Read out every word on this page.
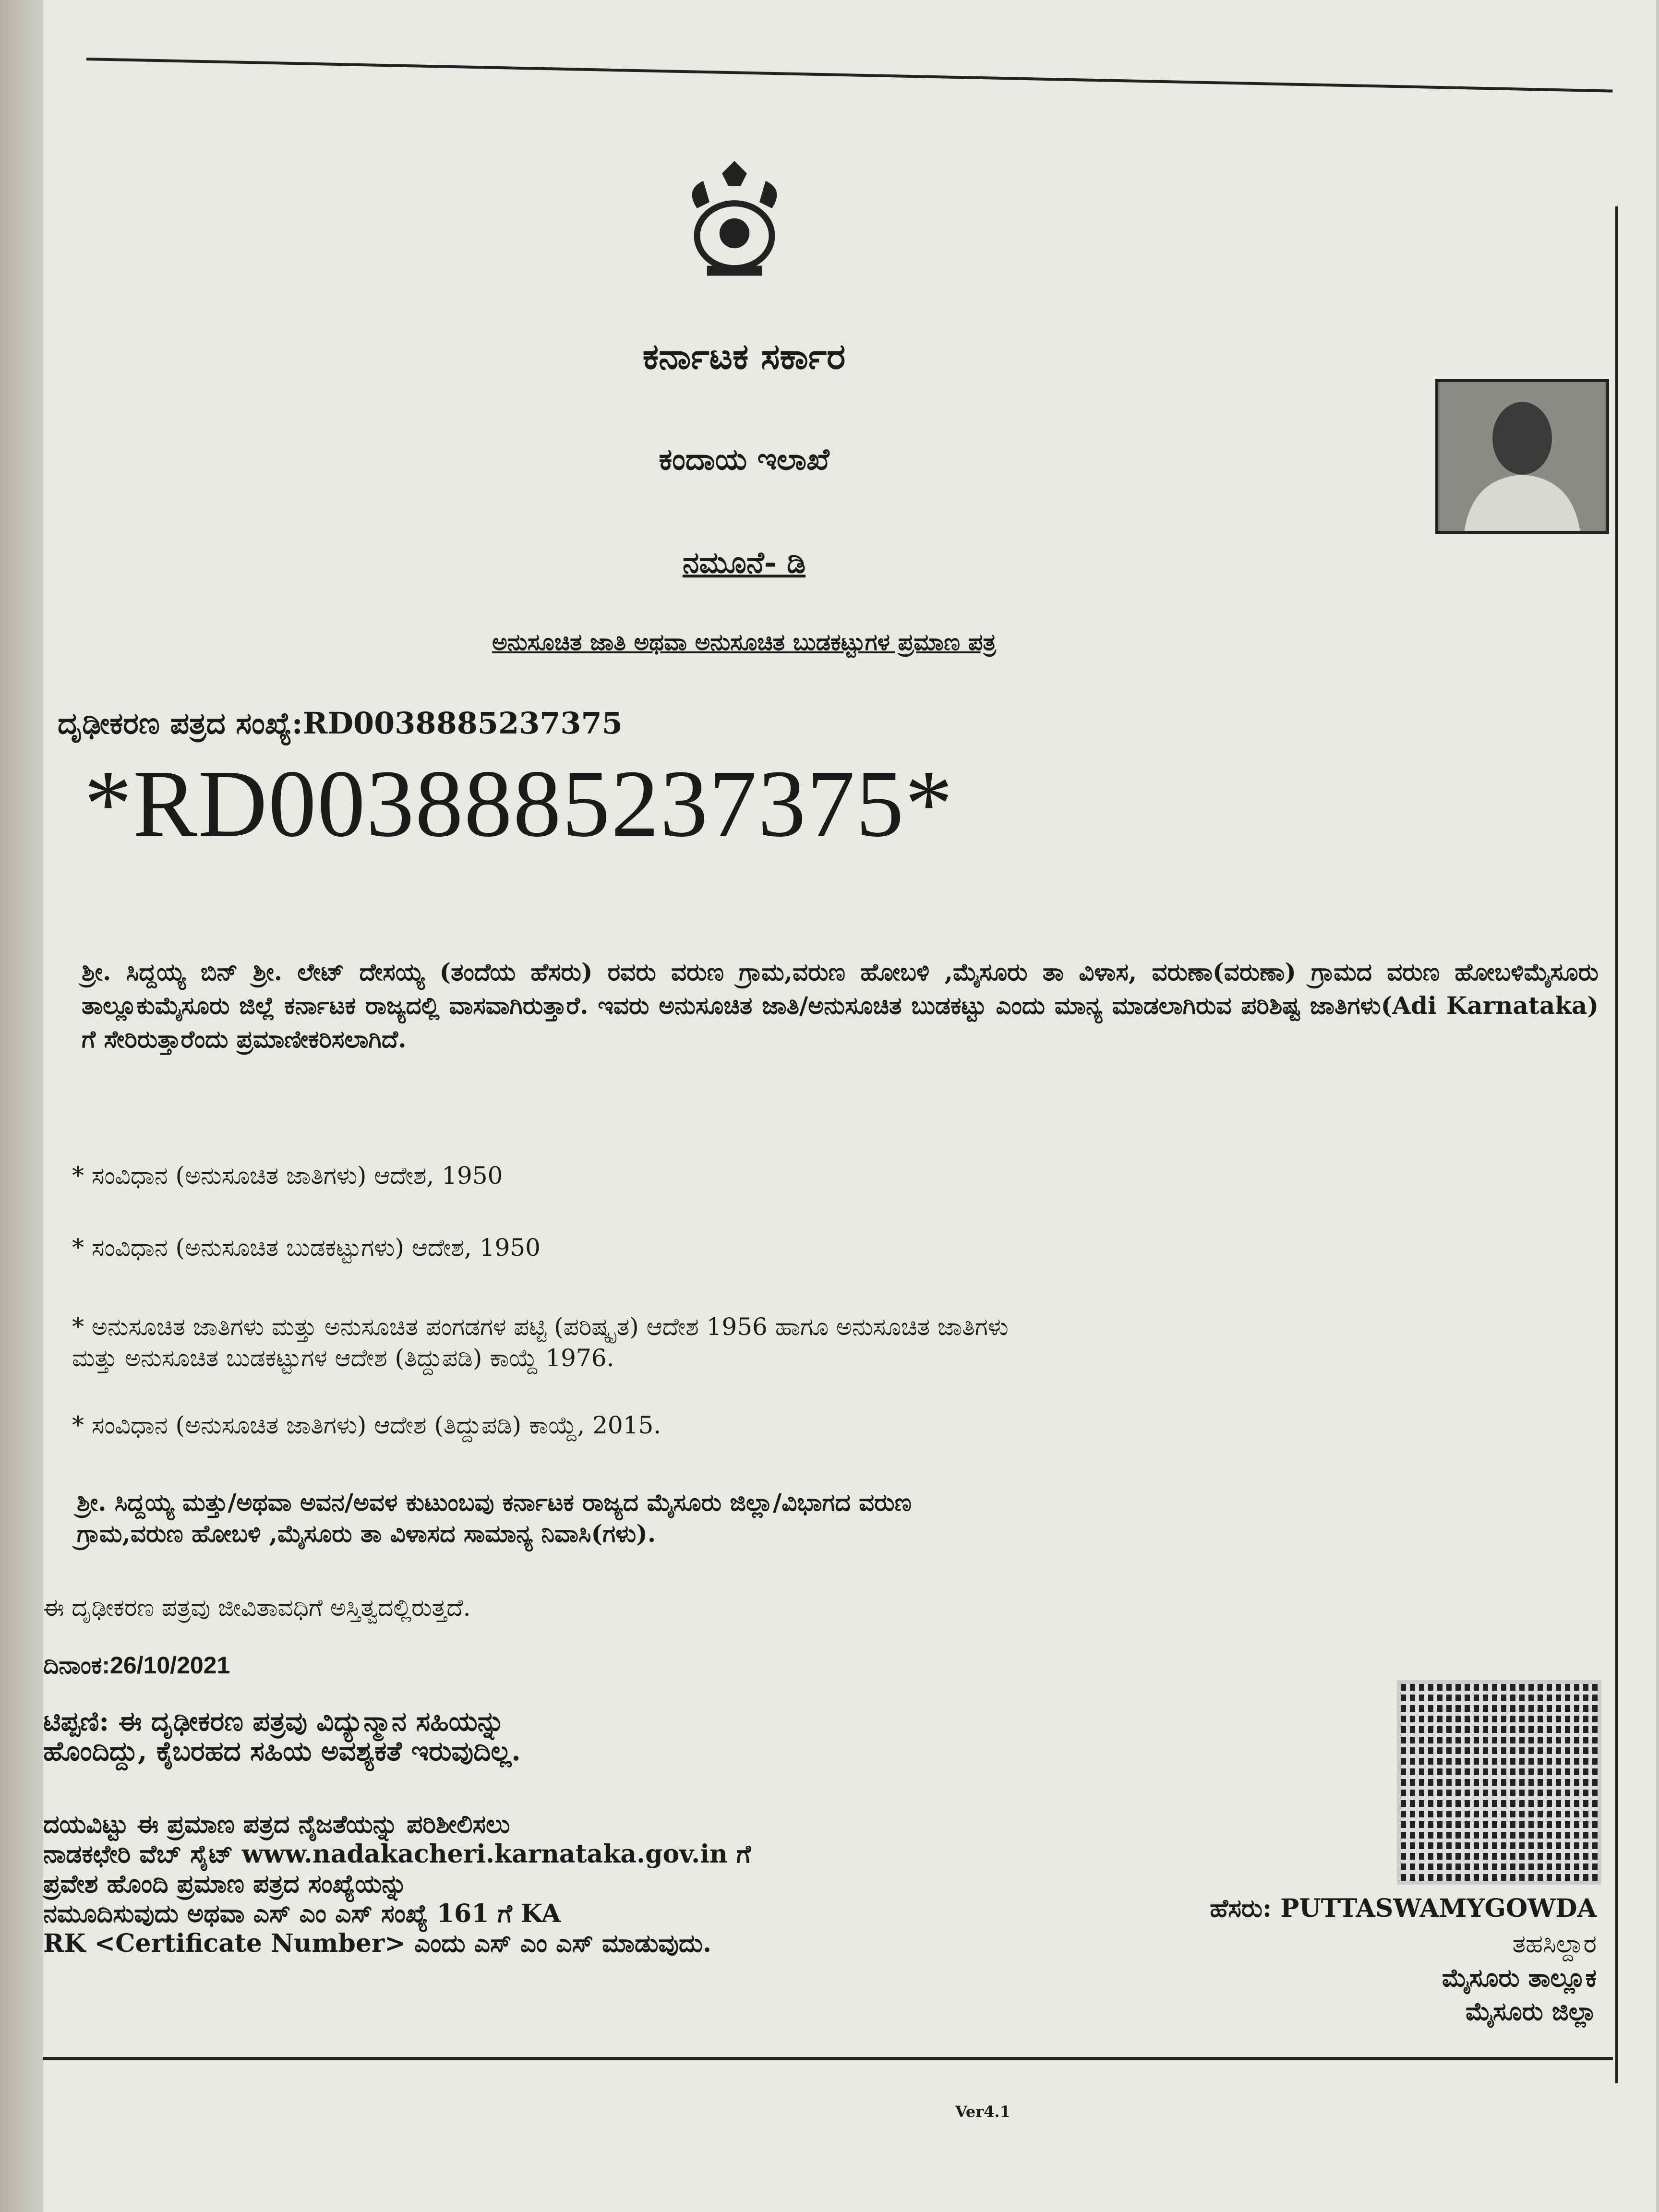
ಕರ್ನಾಟಕ ಸರ್ಕಾರ
ಕಂದಾಯ ಇಲಾಖೆ
ನಮೂನೆ- ಡಿ
ಅನುಸೂಚಿತ ಜಾತಿ ಅಥವಾ ಅನುಸೂಚಿತ ಬುಡಕಟ್ಟುಗಳ ಪ್ರಮಾಣ ಪತ್ರ
ದೃಢೀಕರಣ ಪತ್ರದ ಸಂಖ್ಯೆ:RD0038885237375
*RD0038885237375*
ಶ್ರೀ. ಸಿದ್ದಯ್ಯ ಬಿನ್ ಶ್ರೀ. ಲೇಟ್ ದೇಸಯ್ಯ (ತಂದೆಯ ಹೆಸರು) ರವರು ವರುಣ ಗ್ರಾಮ,ವರುಣ ಹೋಬಳಿ ,ಮೈಸೂರು ತಾ ವಿಳಾಸ, ವರುಣಾ(ವರುಣಾ) ಗ್ರಾಮದ ವರುಣ ಹೋಬಳಿಮೈಸೂರು ತಾಲ್ಲೂಕುಮೈಸೂರು ಜಿಲ್ಲೆ ಕರ್ನಾಟಕ ರಾಜ್ಯದಲ್ಲಿ ವಾಸವಾಗಿರುತ್ತಾರೆ. ಇವರು ಅನುಸೂಚಿತ ಜಾತಿ/ಅನುಸೂಚಿತ ಬುಡಕಟ್ಟು ಎಂದು ಮಾನ್ಯ ಮಾಡಲಾಗಿರುವ ಪರಿಶಿಷ್ಟ ಜಾತಿಗಳು(Adi Karnataka) ಗೆ ಸೇರಿರುತ್ತಾರೆಂದು ಪ್ರಮಾಣೀಕರಿಸಲಾಗಿದೆ.
* ಸಂವಿಧಾನ (ಅನುಸೂಚಿತ ಜಾತಿಗಳು) ಆದೇಶ, 1950
* ಸಂವಿಧಾನ (ಅನುಸೂಚಿತ ಬುಡಕಟ್ಟುಗಳು) ಆದೇಶ, 1950
* ಅನುಸೂಚಿತ ಜಾತಿಗಳು ಮತ್ತು ಅನುಸೂಚಿತ ಪಂಗಡಗಳ ಪಟ್ಟಿ (ಪರಿಷ್ಕೃತ) ಆದೇಶ 1956 ಹಾಗೂ ಅನುಸೂಚಿತ ಜಾತಿಗಳು
ಮತ್ತು ಅನುಸೂಚಿತ ಬುಡಕಟ್ಟುಗಳ ಆದೇಶ (ತಿದ್ದುಪಡಿ) ಕಾಯ್ದೆ 1976.
* ಸಂವಿಧಾನ (ಅನುಸೂಚಿತ ಜಾತಿಗಳು) ಆದೇಶ (ತಿದ್ದುಪಡಿ) ಕಾಯ್ದೆ, 2015.
ಶ್ರೀ. ಸಿದ್ದಯ್ಯ ಮತ್ತು/ಅಥವಾ ಅವನ/ಅವಳ ಕುಟುಂಬವು ಕರ್ನಾಟಕ ರಾಜ್ಯದ ಮೈಸೂರು ಜಿಲ್ಲಾ/ವಿಭಾಗದ ವರುಣ
ಗ್ರಾಮ,ವರುಣ ಹೋಬಳಿ ,ಮೈಸೂರು ತಾ ವಿಳಾಸದ ಸಾಮಾನ್ಯ ನಿವಾಸಿ(ಗಳು).
ಈ ದೃಢೀಕರಣ ಪತ್ರವು ಜೀವಿತಾವಧಿಗೆ ಅಸ್ತಿತ್ವದಲ್ಲಿರುತ್ತದೆ.
ದಿನಾಂಕ:26/10/2021
ಟಿಪ್ಪಣಿ: ಈ ದೃಢೀಕರಣ ಪತ್ರವು ವಿದ್ಯುನ್ಮಾನ ಸಹಿಯನ್ನು
ಹೊಂದಿದ್ದು, ಕೈಬರಹದ ಸಹಿಯ ಅವಶ್ಯಕತೆ ಇರುವುದಿಲ್ಲ.
ದಯವಿಟ್ಟು ಈ ಪ್ರಮಾಣ ಪತ್ರದ ನೈಜತೆಯನ್ನು ಪರಿಶೀಲಿಸಲು
ನಾಡಕಛೇರಿ ವೆಬ್ ಸೈಟ್ www.nadakacheri.karnataka.gov.in ಗೆ
ಪ್ರವೇಶ ಹೊಂದಿ ಪ್ರಮಾಣ ಪತ್ರದ ಸಂಖ್ಯೆಯನ್ನು
ನಮೂದಿಸುವುದು ಅಥವಾ ಎಸ್ ಎಂ ಎಸ್ ಸಂಖ್ಯೆ 161 ಗೆ KA
RK <Certificate Number> ಎಂದು ಎಸ್ ಎಂ ಎಸ್ ಮಾಡುವುದು.
ಹೆಸರು: PUTTASWAMYGOWDA
ತಹಸಿಲ್ದಾರ
ಮೈಸೂರು ತಾಲ್ಲೂಕ
ಮೈಸೂರು ಜಿಲ್ಲಾ
Ver4.1
